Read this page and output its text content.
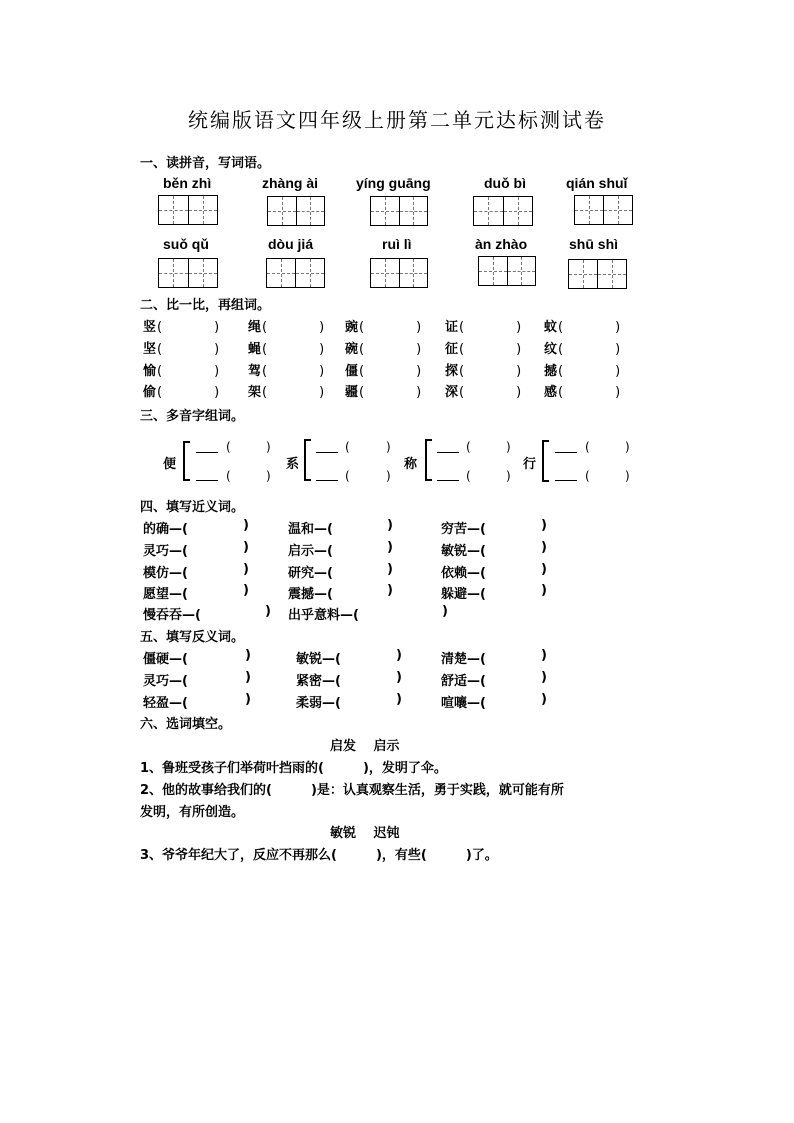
统编版语文四年级上册第二单元达标测试卷
一、读拼音，写词语。
běn zhì	zhàng ài	yíng guāng	duǒ bì	qián shuǐ
suǒ qǔ	dòu jiá	ruì lì	àn zhào	shū shì
二、比一比，再组词。
竖 (　　　　) 绳 (　　　　) 豌 (　　　　) 证 (　　　　) 蚊 (　　　　)
坚 (　　　　) 蝇 (　　　　) 碗 (　　　　) 征 (　　　　) 纹 (　　　　)
愉 (　　　　) 驾 (　　　　) 僵 (　　　　) 探 (　　　　) 撼 (　　　　)
偷 (　　　　) 架 (　　　　) 疆 (　　　　) 深 (　　　　) 感 (　　　　)
三、多音字组词。
便
(	)
(	)
系
(	)
(	)
称
(	)
(	)
行
(	)
(	)
四、填写近义词。
的确—(	)	温和—(	)	穷苦—(	)
灵巧—(	)	启示—(	)	敏锐—(	)
模仿—(	)	研究—(	)	依赖—(	)
愿望—(	)	震撼—(	)	躲避—(	)
慢吞吞—(	) 出乎意料—(	)
五、填写反义词。
僵硬—(	)	敏锐—(	)	清楚—(	)
灵巧—(	)	紧密—(	)	舒适—(	)
轻盈—(	)	柔弱—(	)	喧嚷—(	)
六、选词填空。
启发　 启示
1、鲁班受孩子们举荷叶挡雨的(　　　)，发明了伞。
2、他的故事给我们的(　　　)是：认真观察生活，勇于实践，就可能有所
发明，有所创造。
敏锐　 迟钝
3、爷爷年纪大了，反应不再那么(　　　)，有些(　　　)了。
